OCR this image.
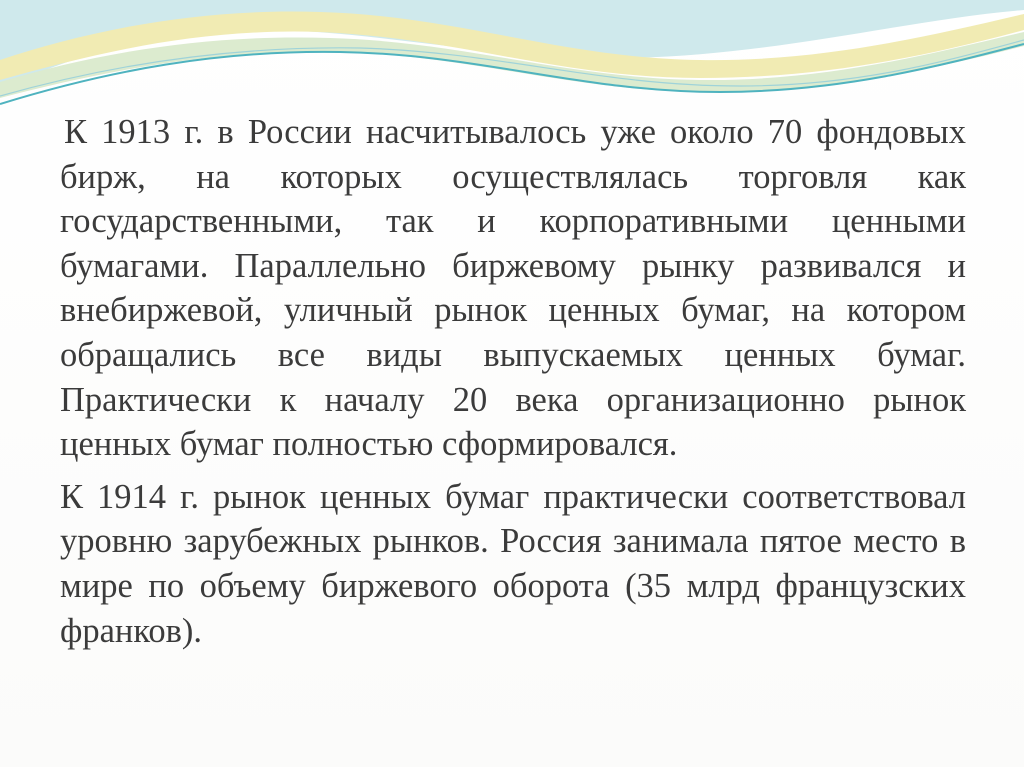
К 1913 г. в России насчитывалось уже около 70 фондовых бирж, на которых осуществлялась торговля как государственными, так и корпоративными ценными бумагами. Параллельно биржевому рынку развивался и внебиржевой, уличный рынок ценных бумаг, на котором обращались все виды выпускаемых ценных бумаг. Практически к началу 20 века организационно рынок ценных бумаг полностью сформировался.

К 1914 г. рынок ценных бумаг практически соответствовал уровню зарубежных рынков. Россия занимала пятое место в мире по объему биржевого оборота (35 млрд французских франков).
